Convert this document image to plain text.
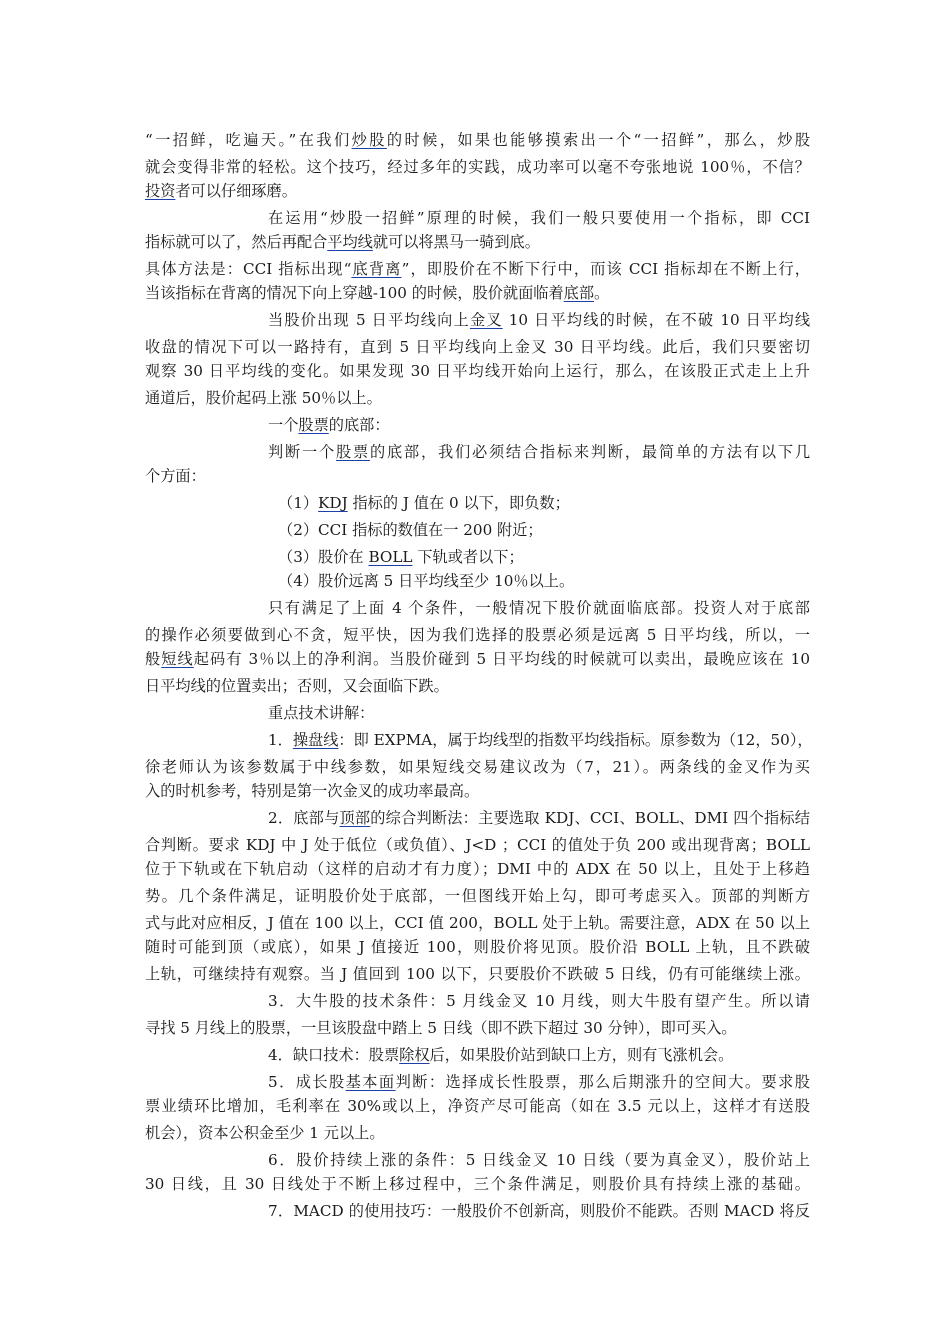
“一招鲜，吃遍天。”在我们炒股的时候，如果也能够摸索出一个“一招鲜”，那么，炒股
就会变得非常的轻松。这个技巧，经过多年的实践，成功率可以毫不夸张地说 100％，不信？
投资者可以仔细琢磨。
在运用“炒股一招鲜”原理的时候，我们一般只要使用一个指标，即 CCI
指标就可以了，然后再配合平均线就可以将黑马一骑到底。
具体方法是：CCI 指标出现“底背离”，即股价在不断下行中，而该 CCI 指标却在不断上行，
当该指标在背离的情况下向上穿越-100 的时候，股价就面临着底部。
当股价出现 5 日平均线向上金叉 10 日平均线的时候，在不破 10 日平均线
收盘的情况下可以一路持有，直到 5 日平均线向上金叉 30 日平均线。此后，我们只要密切
观察 30 日平均线的变化。如果发现 30 日平均线开始向上运行，那么，在该股正式走上上升
通道后，股价起码上涨 50％以上。
一个股票的底部：
判断一个股票的底部，我们必须结合指标来判断，最简单的方法有以下几
个方面：
（1）KDJ 指标的 J 值在 0 以下，即负数；
（2）CCI 指标的数值在一 200 附近；
（3）股价在 BOLL 下轨或者以下；
（4）股价远离 5 日平均线至少 10％以上。
只有满足了上面 4 个条件，一般情况下股价就面临底部。投资人对于底部
的操作必须要做到心不贪，短平快，因为我们选择的股票必须是远离 5 日平均线，所以，一
般短线起码有 3％以上的净利润。当股价碰到 5 日平均线的时候就可以卖出，最晚应该在 10
日平均线的位置卖出；否则，又会面临下跌。
重点技术讲解：
1．操盘线：即 EXPMA，属于均线型的指数平均线指标。原参数为（12，50），
徐老师认为该参数属于中线参数，如果短线交易建议改为（7，21）。两条线的金叉作为买
入的时机参考，特别是第一次金叉的成功率最高。
2．底部与顶部的综合判断法：主要选取 KDJ、CCI、BOLL、DMI 四个指标结
合判断。要求 KDJ 中 J 处于低位（或负值）、J<D ；CCI 的值处于负 200 或出现背离；BOLL
位于下轨或在下轨启动（这样的启动才有力度）；DMI 中的 ADX 在 50 以上，且处于上移趋
势。几个条件满足，证明股价处于底部，一但图线开始上勾，即可考虑买入。顶部的判断方
式与此对应相反，J 值在 100 以上，CCI 值 200，BOLL 处于上轨。需要注意，ADX 在 50 以上
随时可能到顶（或底），如果 J 值接近 100，则股价将见顶。股价沿 BOLL 上轨，且不跌破
上轨，可继续持有观察。当 J 值回到 100 以下，只要股价不跌破 5 日线，仍有可能继续上涨。
3．大牛股的技术条件：5 月线金叉 10 月线，则大牛股有望产生。所以请
寻找 5 月线上的股票，一旦该股盘中踏上 5 日线（即不跌下超过 30 分钟），即可买入。
4．缺口技术：股票除权后，如果股价站到缺口上方，则有飞涨机会。
5．成长股基本面判断：选择成长性股票，那么后期涨升的空间大。要求股
票业绩环比增加，毛利率在 30%或以上，净资产尽可能高（如在 3.5 元以上，这样才有送股
机会），资本公积金至少 1 元以上。
6．股价持续上涨的条件：5 日线金叉 10 日线（要为真金叉），股价站上
30 日线，且 30 日线处于不断上移过程中，三个条件满足，则股价具有持续上涨的基础。
7．MACD 的使用技巧：一般股价不创新高，则股价不能跌。否则 MACD 将反
